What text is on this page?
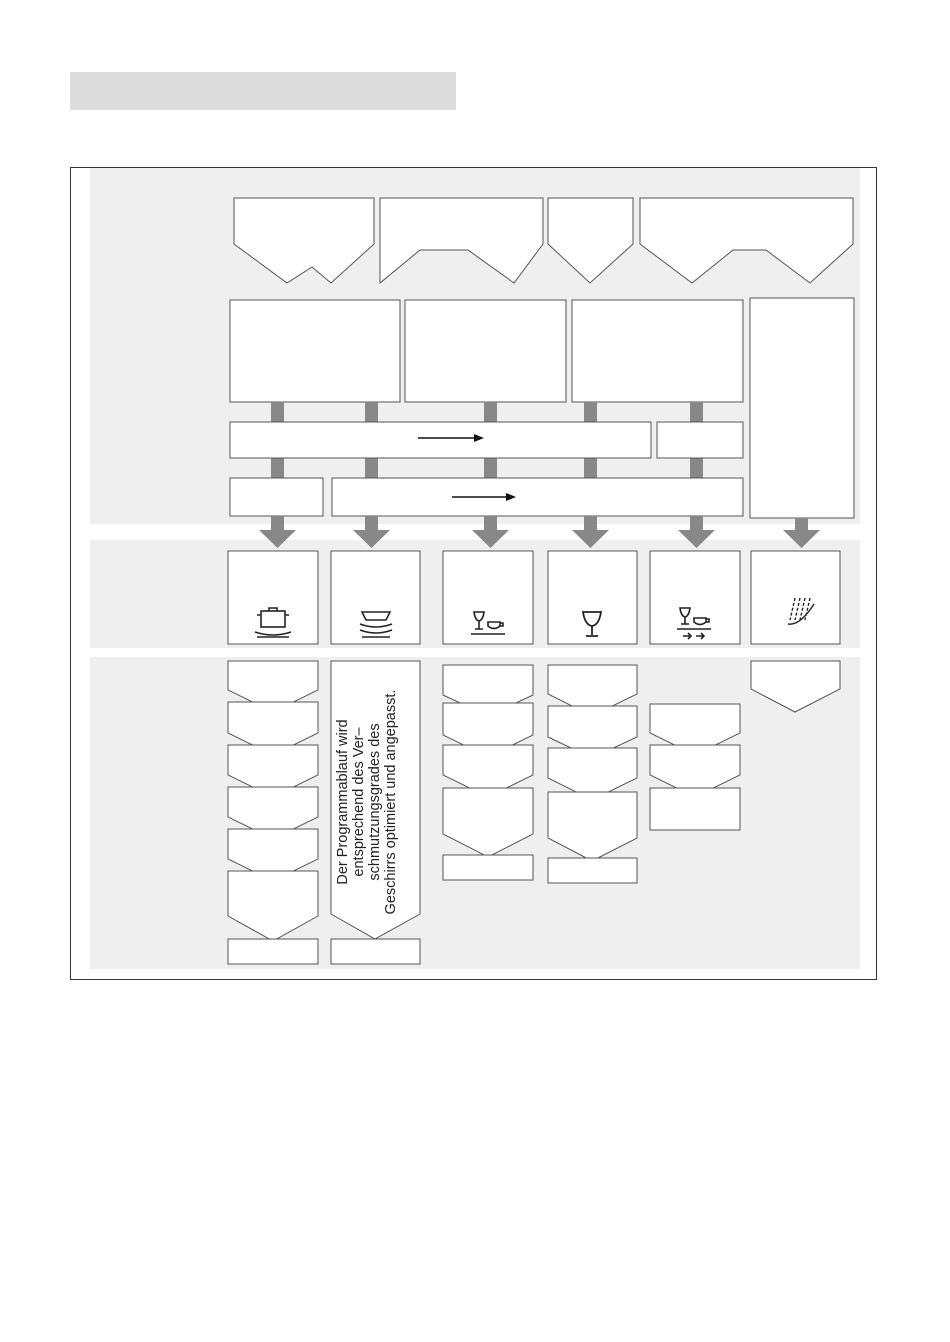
Der Programmablauf wird entsprechend des Ver– schmutzungsgrades des Geschirrs optimiert und angepasst.
